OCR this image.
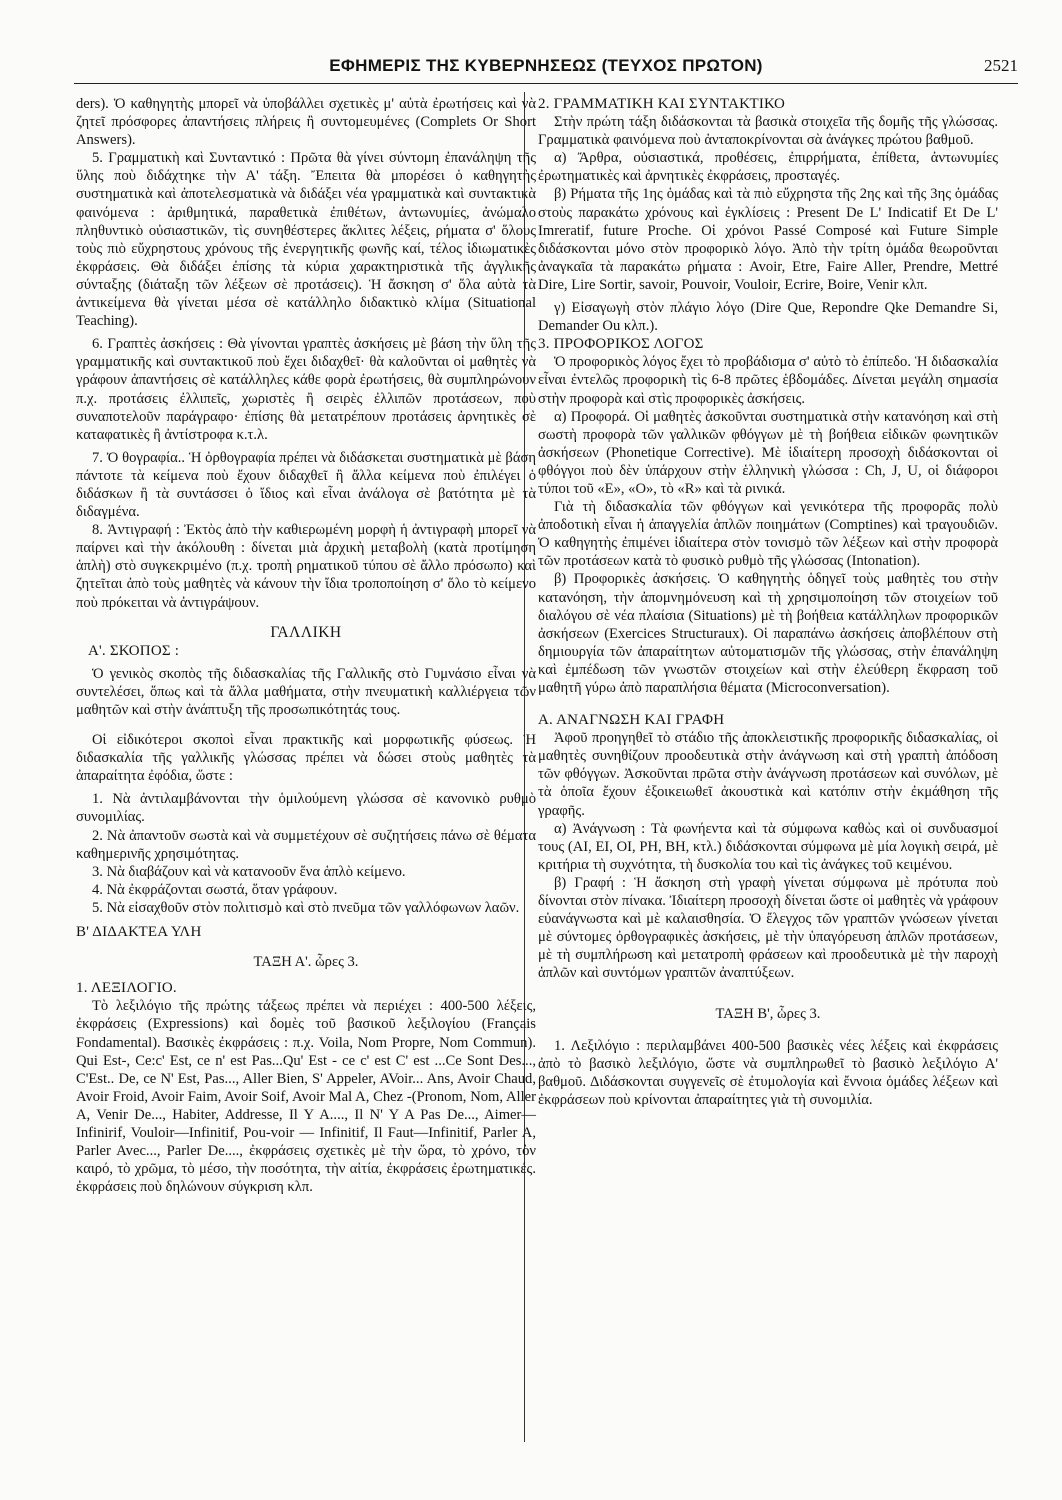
ΕΦΗΜΕΡΙΣ ΤΗΣ ΚΥΒΕΡΝΗΣΕΩΣ (ΤΕΥΧΟΣ ΠΡΩΤΟΝ)	2521

ders). Ὁ καθηγητὴς μπορεῖ νὰ ὑποβάλλει σχετικὲς μ' αὐτὰ ἐρωτήσεις καὶ νὰ ζητεῖ πρόσφορες ἀπαντήσεις πλήρεις ἢ συντομευμένες (Complets Or Short Answers).

5. Γραμματικὴ καὶ Συνταντικό : Πρῶτα θὰ γίνει σύντομη ἐπανάληψη τῆς ὕλης ποὺ διδάχτηκε τὴν Α' τάξη. Ἔπειτα θὰ μπορέσει ὁ καθηγητὴς συστηματικὰ καὶ ἀποτελεσματικὰ νὰ διδάξει νέα γραμματικὰ καὶ συντακτικὰ φαινόμενα : ἀριθμητικά, παραθετικὰ ἐπιθέτων, ἀντωνυμίες, ἀνώμαλο πληθυντικὸ οὐσιαστικῶν, τὶς συνηθέστερες ἄκλιτες λέξεις, ρήματα σ' ὅλους τοὺς πιὸ εὔχρηστους χρόνους τῆς ἐνεργητικῆς φωνῆς καί, τέλος ἰδιωματικὲς ἐκφράσεις. Θὰ διδάξει ἐπίσης τὰ κύρια χαρακτηριστικὰ τῆς ἀγγλικῆς σύνταξης (διάταξη τῶν λέξεων σὲ προτάσεις). Ἡ ἄσκηση σ' ὅλα αὐτὰ τὰ ἀντικείμενα θὰ γίνεται μέσα σὲ κατάλληλο διδακτικὸ κλίμα (Situational Teaching).

6. Γραπτὲς ἀσκήσεις : Θὰ γίνονται γραπτὲς ἀσκήσεις μὲ βάση τὴν ὕλη τῆς γραμματικῆς καὶ συντακτικοῦ ποὺ ἔχει διδαχθεῖ· θὰ καλοῦνται οἱ μαθητὲς νὰ γράφουν ἀπαντήσεις σὲ κατάλληλες κάθε φορὰ ἐρωτήσεις, θὰ συμπληρώνουν π.χ. προτάσεις ἐλλιπεῖς, χωριστὲς ἢ σειρὲς ἐλλιπῶν προτάσεων, ποὺ συναποτελοῦν παράγραφο· ἐπίσης θὰ μετατρέπουν προτάσεις ἀρνητικὲς σὲ καταφατικὲς ἢ ἀντίστροφα κ.τ.λ.

7. Ὀ θογραφία.. Ἡ ὀρθογραφία πρέπει νὰ διδάσκεται συστηματικὰ μὲ βάση πάντοτε τὰ κείμενα ποὺ ἔχουν διδαχθεῖ ἢ ἄλλα κείμενα ποὺ ἐπιλέγει ὁ διδάσκων ἢ τὰ συντάσσει ὁ ἴδιος καὶ εἶναι ἀνάλογα σὲ βατότητα μὲ τὰ διδαγμένα.

8. Ἀντιγραφή : Ἐκτὸς ἀπὸ τὴν καθιερωμένη μορφὴ ἡ ἀντιγραφὴ μπορεῖ νὰ παίρνει καὶ τὴν ἀκόλουθη : δίνεται μιὰ ἀρχικὴ μεταβολὴ (κατὰ προτίμηση ἁπλὴ) στὸ συγκεκριμένο (π.χ. τροπὴ ρηματικοῦ τύπου σὲ ἄλλο πρόσωπο) καὶ ζητεῖται ἀπὸ τοὺς μαθητὲς νὰ κάνουν τὴν ἴδια τροποποίηση σ' ὅλο τὸ κείμενο ποὺ πρόκειται νὰ ἀντιγράψουν.

ΓΑΛΛΙΚΗ
Α'. ΣΚΟΠΟΣ :

Ὁ γενικὸς σκοπὸς τῆς διδασκαλίας τῆς Γαλλικῆς στὸ Γυμνάσιο εἶναι νὰ συντελέσει, ὅπως καὶ τὰ ἄλλα μαθήματα, στὴν πνευματικὴ καλλιέργεια τῶν μαθητῶν καὶ στὴν ἀνάπτυξη τῆς προσωπικότητάς τους.

Οἱ εἰδικότεροι σκοποὶ εἶναι πρακτικῆς καὶ μορφωτικῆς φύσεως. Ἡ διδασκαλία τῆς γαλλικῆς γλώσσας πρέπει νὰ δώσει στοὺς μαθητὲς τὰ ἀπαραίτητα ἐφόδια, ὥστε :

1. Νὰ ἀντιλαμβάνονται τὴν ὁμιλούμενη γλώσσα σὲ κανονικὸ ρυθμὸ συνομιλίας.

2. Νὰ ἀπαντοῦν σωστὰ καὶ νὰ συμμετέχουν σὲ συζητήσεις πάνω σὲ θέματα καθημερινῆς χρησιμότητας.

3. Νὰ διαβάζουν καὶ νὰ κατανοοῦν ἕνα ἁπλὸ κείμενο.

4. Νὰ ἐκφράζονται σωστά, ὅταν γράφουν.

5. Νὰ εἰσαχθοῦν στὸν πολιτισμὸ καὶ στὸ πνεῦμα τῶν γαλλόφωνων λαῶν.

Β' ΔΙΔΑΚΤΕΑ ΥΛΗ
ΤΑΞΗ Α'. ὧρες 3.
1. ΛΕΞΙΛΟΓΙΟ.

Τὸ λεξιλόγιο τῆς πρώτης τάξεως πρέπει νὰ περιέχει : 400-500 λέξεις, ἐκφράσεις (Expressions) καὶ δομὲς τοῦ βασικοῦ λεξιλογίου (Français Fondamental). Βασικὲς ἐκφράσεις : π.χ. Voila, Nom Propre, Nom Commun). Qui Est-, Ce:c' Est, ce n' est Pas...Qu' Est - ce c' est C' est ...Ce Sont Des..., C'Est.. De, ce N' Est, Pas..., Aller Bien, S' Appeler, AVoir... Ans, Avoir Chaud, Avoir Froid, Avoir Faim, Avoir Soif, Avoir Mal A, Chez -(Pronom, Nom, Aller A, Venir De..., Habiter, Addresse, Il Y A...., Il N' Y A Pas De..., Aimer—Infinirif, Vouloir—Infinitif, Pou-voir — Infinitif, Il Faut—Infinitif, Parler A, Parler Avec..., Parler De...., ἐκφράσεις σχετικὲς μὲ τὴν ὥρα, τὸ χρόνο, τὸν καιρό, τὸ χρῶμα, τὸ μέσο, τὴν ποσότητα, τὴν αἰτία, ἐκφράσεις ἐρωτηματικές. ἐκφράσεις ποὺ δηλώνουν σύγκριση κλπ.

2. ΓΡΑΜΜΑΤΙΚΗ ΚΑΙ ΣΥΝΤΑΚΤΙΚΟ

Στὴν πρώτη τάξη διδάσκονται τὰ βασικὰ στοιχεῖα τῆς δομῆς τῆς γλώσσας. Γραμματικὰ φαινόμενα ποὺ ἀνταποκρίνονται σὰ ἀνάγκες πρώτου βαθμοῦ.

α) Ἄρθρα, οὐσιαστικά, προθέσεις, ἐπιρρήματα, ἐπίθετα, ἀντωνυμίες ἐρωτηματικὲς καὶ ἀρνητικὲς ἐκφράσεις, προσταγές.

β) Ρήματα τῆς 1ης ὁμάδας καὶ τὰ πιὸ εὔχρηστα τῆς 2ης καὶ τῆς 3ης ὁμάδας στοὺς παρακάτω χρόνους καὶ ἐγκλίσεις : Present De L' Indicatif Et De L' Imreratif, future Proche. Οἱ χρόνοι Passé Composé καὶ Future Simple διδάσκονται μόνο στὸν προφορικὸ λόγο. Ἀπὸ τὴν τρίτη ὁμάδα θεωροῦνται ἀναγκαῖα τὰ παρακάτω ρήματα : Avoir, Etre, Faire Aller, Prendre, Mettré Dire, Lire Sortir, savoir, Pouvoir, Vouloir, Ecrire, Boire, Venir κλπ.

γ) Εἰσαγωγὴ στὸν πλάγιο λόγο (Dire Que, Repondre Qke Demandre Si, Demander Ou κλπ.).

3. ΠΡΟΦΟΡΙΚΟΣ ΛΟΓΟΣ

Ὁ προφορικὸς λόγος ἔχει τὸ προβάδισμα σ' αὐτὸ τὸ ἐπίπεδο. Ἡ διδασκαλία εἶναι ἐντελῶς προφορικὴ τὶς 6-8 πρῶτες ἑβδομάδες. Δίνεται μεγάλη σημασία στὴν προφορὰ καὶ στὶς προφορικὲς ἀσκήσεις.

α) Προφορά. Οἱ μαθητὲς ἀσκοῦνται συστηματικὰ στὴν κατανόηση καὶ στὴ σωστὴ προφορὰ τῶν γαλλικῶν φθόγγων μὲ τὴ βοήθεια εἰδικῶν φωνητικῶν ἀσκήσεων (Phonetique Corrective). Μὲ ἰδιαίτερη προσοχὴ διδάσκονται οἱ φθόγγοι ποὺ δὲν ὑπάρχουν στὴν ἑλληνικὴ γλώσσα : Ch, J, U, οἱ διάφοροι τύποι τοῦ «Ε», «Ο», τὸ «R» καὶ τὰ ρινικά.

Γιὰ τὴ διδασκαλία τῶν φθόγγων καὶ γενικότερα τῆς προφορᾶς πολὺ ἀποδοτικὴ εἶναι ἡ ἀπαγγελία ἁπλῶν ποιημάτων (Comptines) καὶ τραγουδιῶν. Ὁ καθηγητὴς ἐπιμένει ἰδιαίτερα στὸν τονισμὸ τῶν λέξεων καὶ στὴν προφορὰ τῶν προτάσεων κατὰ τὸ φυσικὸ ρυθμὸ τῆς γλώσσας (Intonation).

β) Προφορικὲς ἀσκήσεις. Ὁ καθηγητὴς ὁδηγεῖ τοὺς μαθητὲς του στὴν κατανόηση, τὴν ἀπομνημόνευση καὶ τὴ χρησιμοποίηση τῶν στοιχείων τοῦ διαλόγου σὲ νέα πλαίσια (Situations) μὲ τὴ βοήθεια κατάλληλων προφορικῶν ἀσκήσεων (Exercices Structuraux). Οἱ παραπάνω ἀσκήσεις ἀποβλέπουν στὴ δημιουργία τῶν ἀπαραίτητων αὐτοματισμῶν τῆς γλώσσας, στὴν ἐπανάληψη καὶ ἐμπέδωση τῶν γνωστῶν στοιχείων καὶ στὴν ἐλεύθερη ἔκφραση τοῦ μαθητῆ γύρω ἀπὸ παραπλήσια θέματα (Microconversation).

Α. ΑΝΑΓΝΩΣΗ ΚΑΙ ΓΡΑΦΗ

Ἀφοῦ προηγηθεῖ τὸ στάδιο τῆς ἀποκλειστικῆς προφορικῆς διδασκαλίας, οἱ μαθητὲς συνηθίζουν προοδευτικὰ στὴν ἀνάγνωση καὶ στὴ γραπτὴ ἀπόδοση τῶν φθόγγων. Ἀσκοῦνται πρῶτα στὴν ἀνάγνωση προτάσεων καὶ συνόλων, μὲ τὰ ὁποῖα ἔχουν ἐξοικειωθεῖ ἀκουστικὰ καὶ κατόπιν στὴν ἐκμάθηση τῆς γραφῆς.

α) Ἀνάγνωση : Τὰ φωνήεντα καὶ τὰ σύμφωνα καθὼς καὶ οἱ συνδυασμοί τους (ΑΙ, ΕΙ, ΟΙ, PH, ΒΗ, κτλ.) διδάσκονται σύμφωνα μὲ μία λογικὴ σειρά, μὲ κριτήρια τὴ συχνότητα, τὴ δυσκολία του καὶ τὶς ἀνάγκες τοῦ κειμένου.

β) Γραφή : Ἡ ἄσκηση στὴ γραφὴ γίνεται σύμφωνα μὲ πρότυπα ποὺ δίνονται στὸν πίνακα. Ἰδιαίτερη προσοχὴ δίνεται ὥστε οἱ μαθητὲς νὰ γράφουν εὐανάγνωστα καὶ μὲ καλαισθησία. Ὁ ἔλεγχος τῶν γραπτῶν γνώσεων γίνεται μὲ σύντομες ὀρθογραφικὲς ἀσκήσεις, μὲ τὴν ὑπαγόρευση ἁπλῶν προτάσεων, μὲ τὴ συμπλήρωση καὶ μετατροπὴ φράσεων καὶ προοδευτικὰ μὲ τὴν παροχὴ ἁπλῶν καὶ συντόμων γραπτῶν ἀναπτύξεων.

ΤΑΞΗ Β', ὧρες 3.

1. Λεξιλόγιο : περιλαμβάνει 400-500 βασικὲς νέες λέξεις καὶ ἐκφράσεις ἀπὸ τὸ βασικὸ λεξιλόγιο, ὥστε νὰ συμπληρωθεῖ τὸ βασικὸ λεξιλόγιο Α' βαθμοῦ. Διδάσκονται συγγενεῖς σὲ ἐτυμολογία καὶ ἔννοια ὁμάδες λέξεων καὶ ἐκφράσεων ποὺ κρίνονται ἀπαραίτητες γιὰ τὴ συνομιλία.
